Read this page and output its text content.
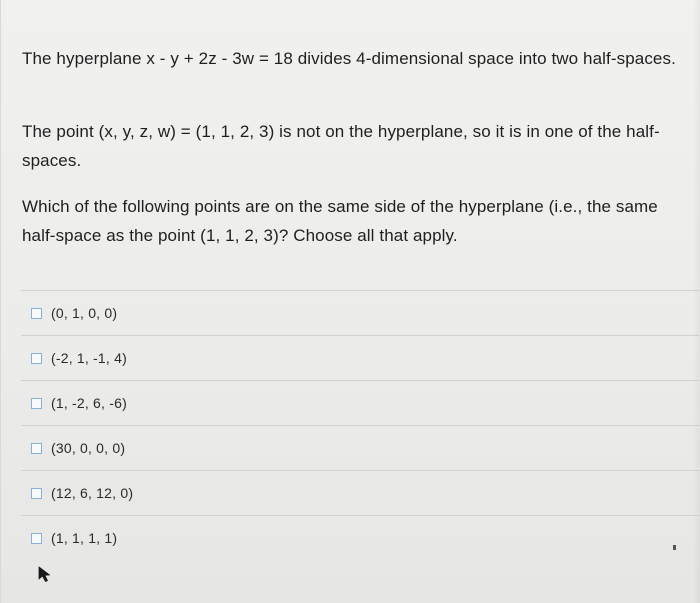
The hyperplane x - y + 2z - 3w = 18 divides 4-dimensional space into two half-spaces.
The point (x, y, z, w) = (1, 1, 2, 3) is not on the hyperplane, so it is in one of the half-spaces.
Which of the following points are on the same side of the hyperplane (i.e., the same half-space as the point (1, 1, 2, 3)? Choose all that apply.
(0, 1, 0, 0)
(-2, 1, -1, 4)
(1, -2, 6, -6)
(30, 0, 0, 0)
(12, 6, 12, 0)
(1, 1, 1, 1)
